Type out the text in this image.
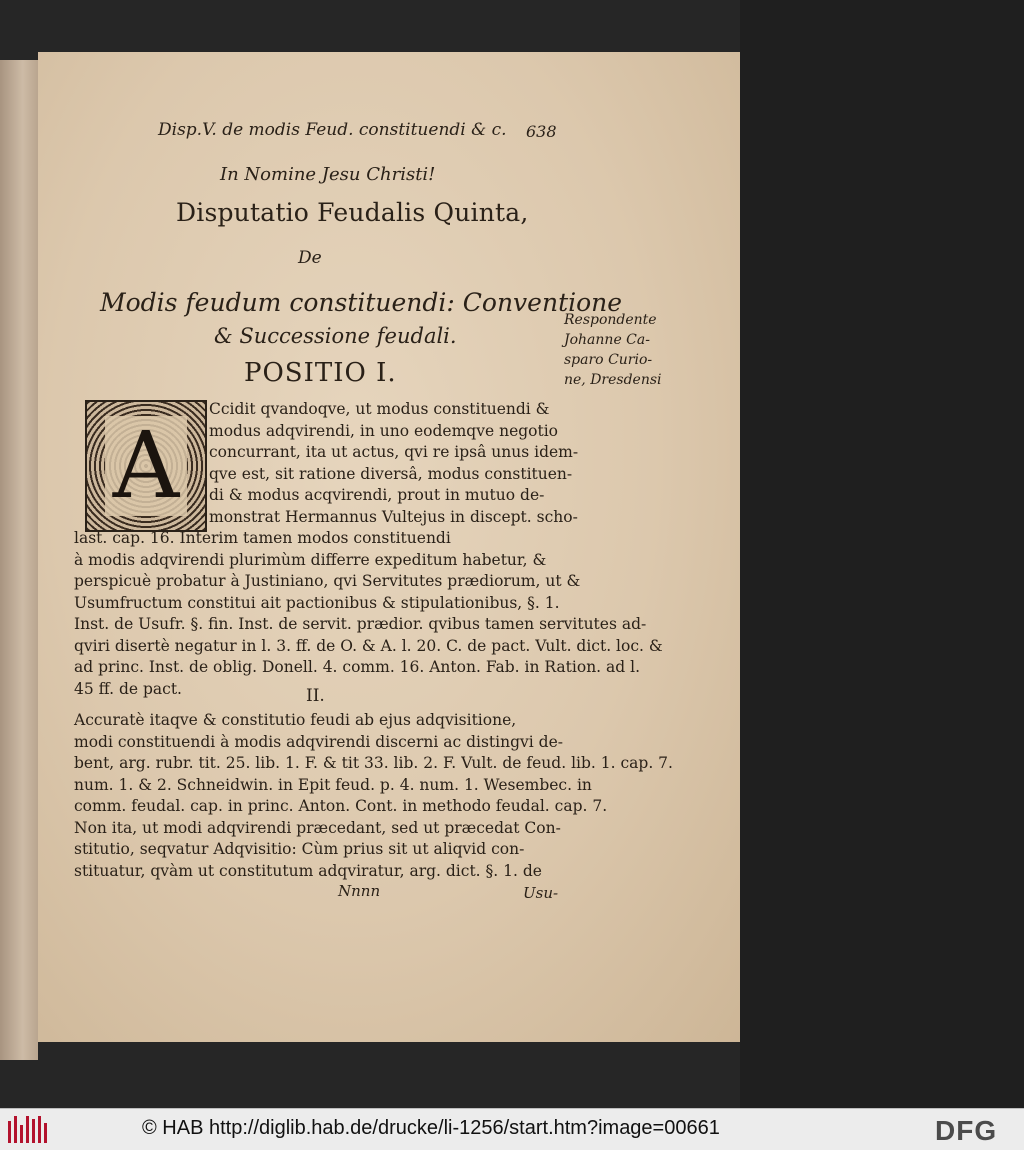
Disp.V. de modis Feud. constituendi & c. 638
In Nomine Jesu Christi!
Disputatio Feudalis Quinta,
De
Modis feudum constituendi: Conventione
& Successione feudali.
POSITIO I.
Respondente
Johanne Ca-
sparo Curio-
ne, Dresdensi
A
Ccidit qvandoqve, ut modus constituendi &
modus adqvirendi, in uno eodemqve negotio
concurrant, ita ut actus, qvi re ipsâ unus idem-
qve est, sit ratione diversâ, modus constituen-
di & modus acqvirendi, prout in mutuo de-
monstrat Hermannus Vultejus in discept. scho-
last. cap. 16. Interim tamen modos constituendi
à modis adqvirendi plurimùm differre expeditum habetur, &
perspicuè probatur à Justiniano, qvi Servitutes prædiorum, ut &
Usumfructum constitui ait pactionibus & stipulationibus, §. 1.
Inst. de Usufr. §. fin. Inst. de servit. prædior. qvibus tamen servitutes ad-
qviri disertè negatur in l. 3. ff. de O. & A. l. 20. C. de pact. Vult. dict. loc. &
ad princ. Inst. de oblig. Donell. 4. comm. 16. Anton. Fab. in Ration. ad l.
45 ff. de pact.	II.
Accuratè itaqve & constitutio feudi ab ejus adqvisitione,
modi constituendi à modis adqvirendi discerni ac distingvi de-
bent, arg. rubr. tit. 25. lib. 1. F. & tit 33. lib. 2. F. Vult. de feud. lib. 1. cap. 7.
num. 1. & 2. Schneidwin. in Epit feud. p. 4. num. 1. Wesembec. in
comm. feudal. cap. in princ. Anton. Cont. in methodo feudal. cap. 7.
Non ita, ut modi adqvirendi præcedant, sed ut præcedat Con-
stitutio, seqvatur Adqvisitio: Cùm prius sit ut aliqvid con-
stituatur, qvàm ut constitutum adqviratur, arg. dict. §. 1. de
Nnnn	Usu-
© HAB http://diglib.hab.de/drucke/li-1256/start.htm?image=00661	DFG
